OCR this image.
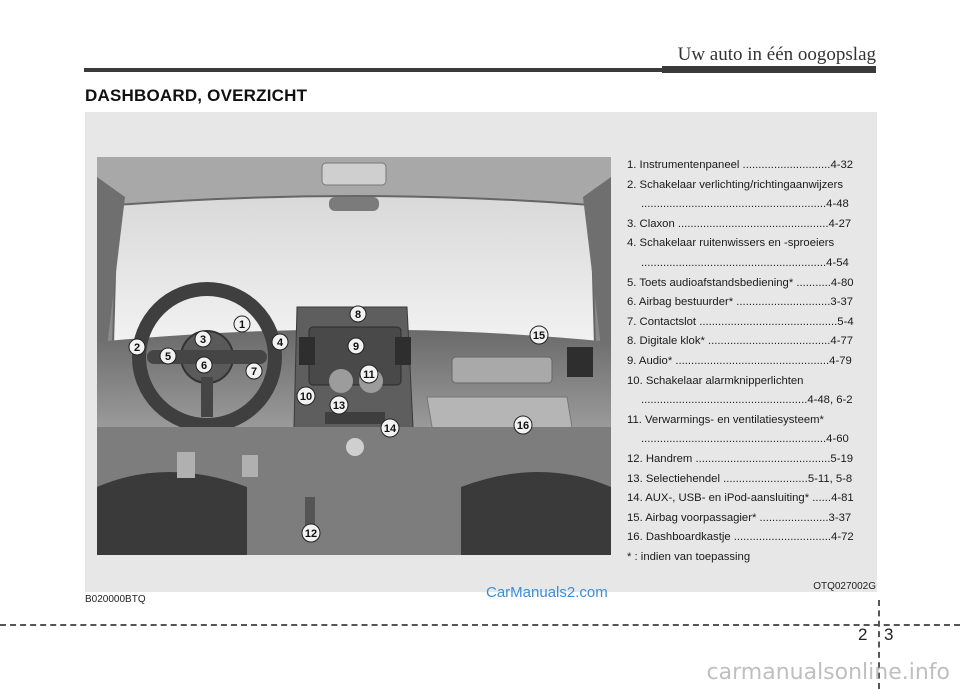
Uw auto in één oogopslag
DASHBOARD, OVERZICHT
1
2
3	4
5
6	7
8
9
10
11
12
13
14
15
16
1. Instrumentenpaneel ............................4-32
2. Schakelaar verlichting/richtingaanwijzers
...........................................................4-48
3. Claxon ................................................4-27
4. Schakelaar ruitenwissers en -sproeiers
...........................................................4-54
5. Toets audioafstandsbediening* ...........4-80
6. Airbag bestuurder* ..............................3-37
7. Contactslot ............................................5-4
8. Digitale klok* .......................................4-77
9. Audio* .................................................4-79
10. Schakelaar alarmknipperlichten
.....................................................4-48, 6-2
11. Verwarmings- en ventilatiesysteem*
...........................................................4-60
12. Handrem ...........................................5-19
13. Selectiehendel ...........................5-11, 5-8
14. AUX-, USB- en iPod-aansluiting* ......4-81
15. Airbag voorpassagier* ......................3-37
16. Dashboardkastje ...............................4-72
* : indien van toepassing
OTQ027002G
B020000BTQ	CarManuals2.com
2 3
carmanualsonline.info
